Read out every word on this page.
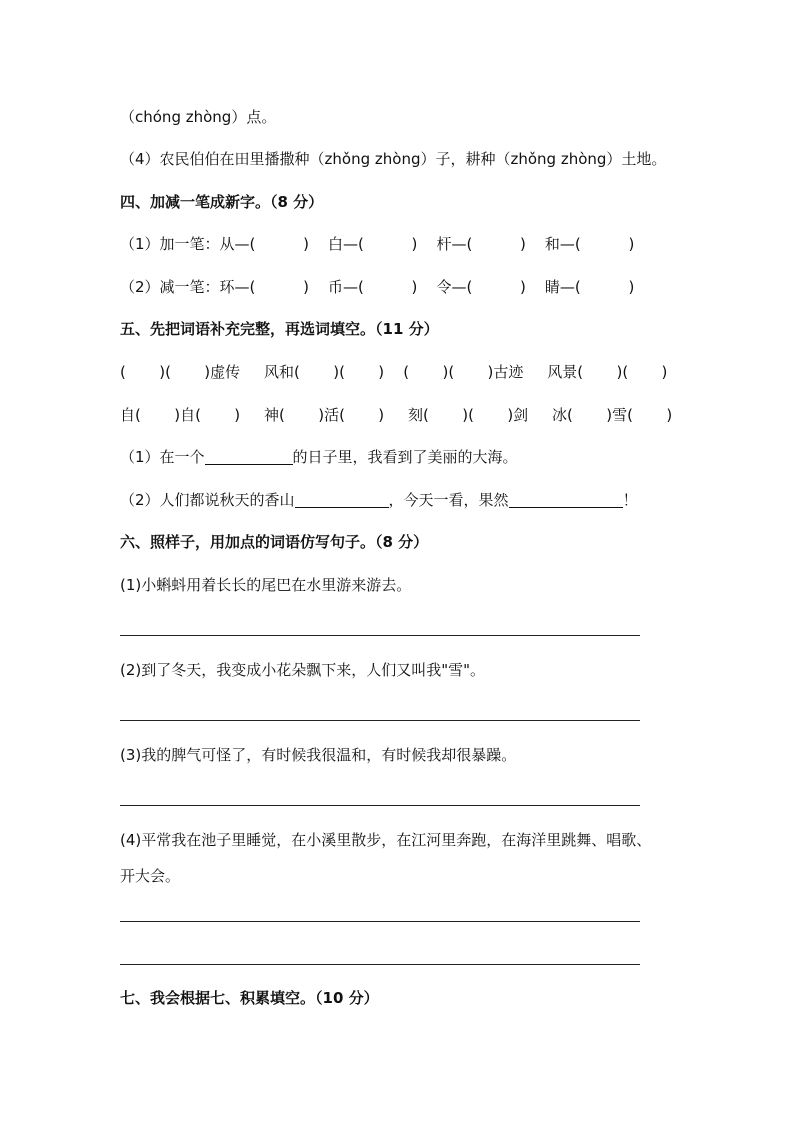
（chóng zhòng）点。
（4）农民伯伯在田里播撒种（zhǒng zhòng）子，耕种（zhǒng zhòng）土地。
四、加减一笔成新字。（8 分）
（1）加一笔：从—(          )    白—(          )    杆—(          )    和—(          )
（2）减一笔：环—(          )    币—(          )    令—(          )    睛—(          )
五、先把词语补充完整，再选词填空。（11 分）
(       )(       )虚传     风和(       )(       )    (       )(       )古迹     风景(       )(       )
自(       )自(       )     神(       )活(       )     刻(       )(       )剑     冰(       )雪(       )
（1）在一个	的日子里，我看到了美丽的大海。
（2）人们都说秋天的香山	，今天一看，果然	！
六、照样子，用加点的词语仿写句子。（8 分）
(1)小蝌蚪用着长长的尾巴在水里游来游去。
(2)到了冬天，我变成小花朵飘下来，人们又叫我"雪"。
(3)我的脾气可怪了，有时候我很温和，有时候我却很暴躁。
(4)平常我在池子里睡觉，在小溪里散步，在江河里奔跑，在海洋里跳舞、唱歌、
开大会。
七、我会根据七、积累填空。（10 分）
